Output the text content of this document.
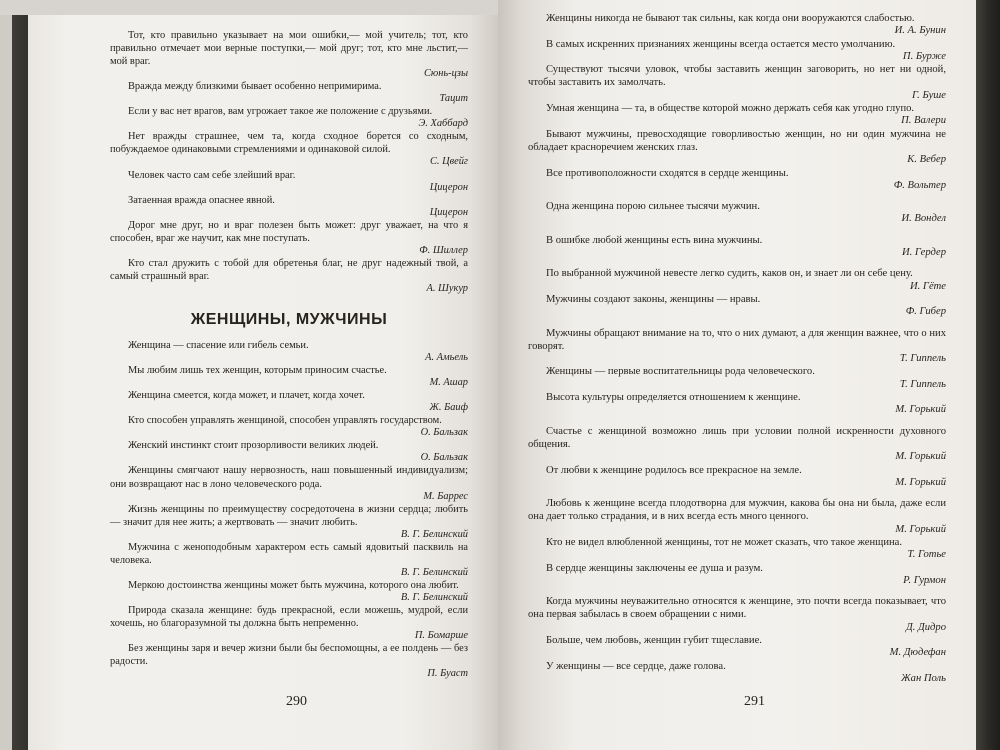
Тот, кто правильно указывает на мои ошибки,— мой учитель; тот, кто правильно отмечает мои верные поступки,— мой друг; тот, кто мне льстит,— мой враг.
Сюнь-цзы
Вражда между близкими бывает особенно непримирима.
Тацит
Если у вас нет врагов, вам угрожает такое же положение с друзьями.
Э. Хаббард
Нет вражды страшнее, чем та, когда сходное борется со сходным, побуждаемое одинаковыми стремлениями и одинаковой силой.
С. Цвейг
Человек часто сам себе злейший враг.
Цицерон
Затаенная вражда опаснее явной.
Цицерон
Дорог мне друг, но и враг полезен быть может: друг уважает, на что я способен, враг же научит, как мне поступать.
Ф. Шиллер
Кто стал дружить с тобой для обретенья благ, не друг надежный твой, а самый страшный враг.
А. Шукур
ЖЕНЩИНЫ, МУЖЧИНЫ
Женщина — спасение или гибель семьи.
А. Амьель
Мы любим лишь тех женщин, которым приносим счастье.
М. Ашар
Женщина смеется, когда может, и плачет, когда хочет.
Ж. Баиф
Кто способен управлять женщиной, способен управлять государством.
О. Бальзак
Женский инстинкт стоит прозорливости великих людей.
О. Бальзак
Женщины смягчают нашу нервозность, наш повышенный индивидуализм; они возвращают нас в лоно человеческого рода.
М. Баррес
Жизнь женщины по преимуществу сосредоточена в жизни сердца; любить — значит для нее жить; а жертвовать — значит любить.
В. Г. Белинский
Мужчина с женоподобным характером есть самый ядовитый пасквиль на человека.
В. Г. Белинский
Меркою достоинства женщины может быть мужчина, которого она любит.
В. Г. Белинский
Природа сказала женщине: будь прекрасной, если можешь, мудрой, если хочешь, но благоразумной ты должна быть непременно.
П. Бомарше
Без женщины заря и вечер жизни были бы беспомощны, а ее полдень — без радости.
П. Буаст
290
Женщины никогда не бывают так сильны, как когда они вооружаются слабостью.
И. А. Бунин
В самых искренних признаниях женщины всегда остается место умолчанию.
П. Бурже
Существуют тысячи уловок, чтобы заставить женщин заговорить, но нет ни одной, чтобы заставить их замолчать.
Г. Буше
Умная женщина — та, в обществе которой можно держать себя как угодно глупо.
П. Валери
Бывают мужчины, превосходящие говорливостью женщин, но ни один мужчина не обладает красноречием женских глаз.
К. Вебер
Все противоположности сходятся в сердце женщины.
Ф. Вольтер
Одна женщина порою сильнее тысячи мужчин.
И. Вондел
В ошибке любой женщины есть вина мужчины.
И. Гердер
По выбранной мужчиной невесте легко судить, каков он, и знает ли он себе цену.
И. Гёте
Мужчины создают законы, женщины — нравы.
Ф. Гибер
Мужчины обращают внимание на то, что о них думают, а для женщин важнее, что о них говорят.
Т. Гиппель
Женщины — первые воспитательницы рода человеческого.
Т. Гиппель
Высота культуры определяется отношением к женщине.
М. Горький
Счастье с женщиной возможно лишь при условии полной искренности духовного общения.
М. Горький
От любви к женщине родилось все прекрасное на земле.
М. Горький
Любовь к женщине всегда плодотворна для мужчин, какова бы она ни была, даже если она дает только страдания, и в них всегда есть много ценного.
М. Горький
Кто не видел влюбленной женщины, тот не может сказать, что такое женщина.
Т. Готье
В сердце женщины заключены ее душа и разум.
Р. Гурмон
Когда мужчины неуважительно относятся к женщине, это почти всегда показывает, что она первая забылась в своем обращении с ними.
Д. Дидро
Больше, чем любовь, женщин губит тщеславие.
М. Дюдефан
У женщины — все сердце, даже голова.
Жан Поль
291
